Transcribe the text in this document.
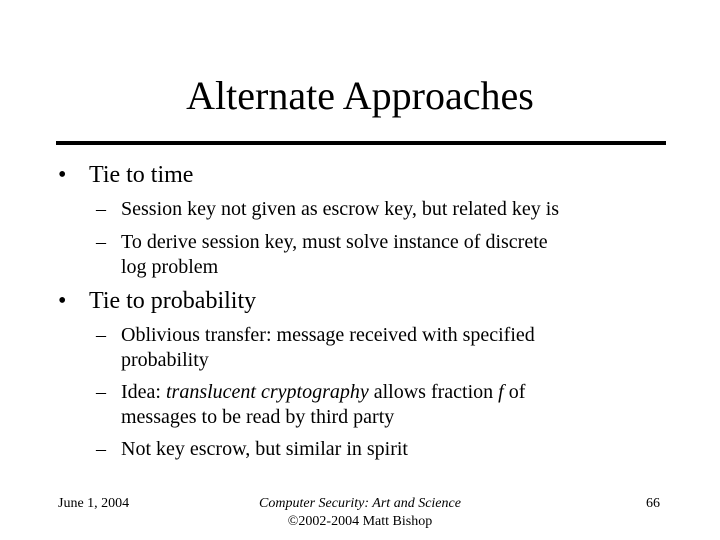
Alternate Approaches
• Tie to time
– Session key not given as escrow key, but related key is
– To derive session key, must solve instance of discrete
log problem
• Tie to probability
– Oblivious transfer: message received with specified
probability
– Idea: translucent cryptography allows fraction f of
messages to be read by third party
– Not key escrow, but similar in spirit
June 1, 2004	Computer Security: Art and Science
©2002-2004 Matt Bishop
66
